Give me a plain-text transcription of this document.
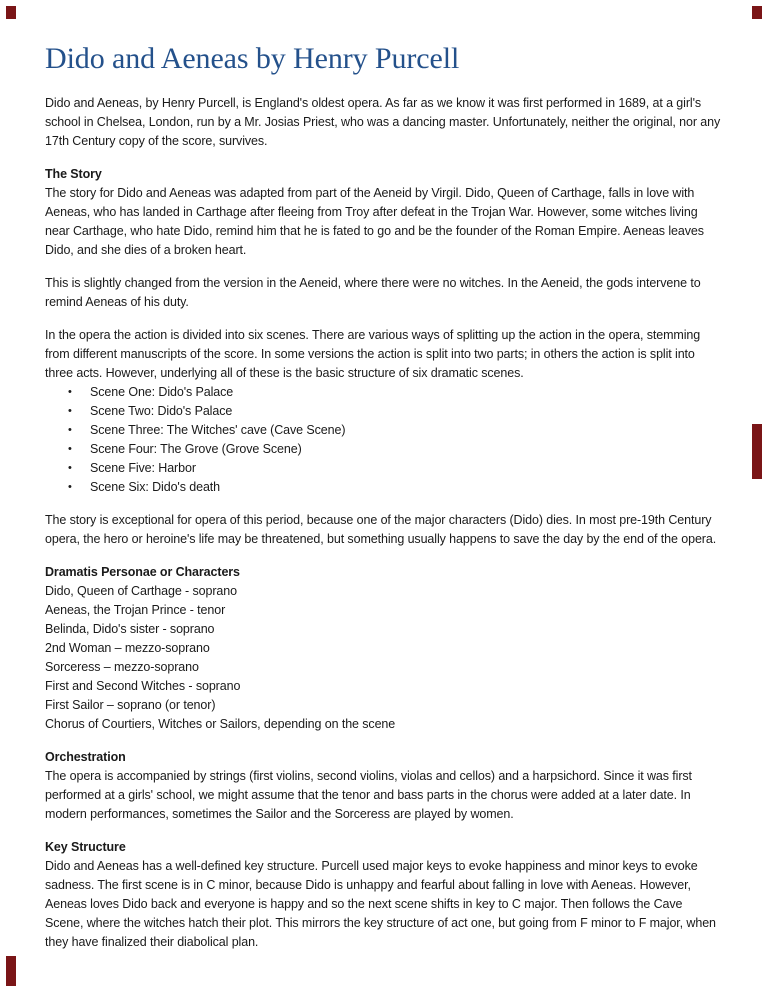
Dido and Aeneas by Henry Purcell

Dido and Aeneas, by Henry Purcell, is England's oldest opera. As far as we know it was first performed in 1689, at a girl's school in Chelsea, London, run by a Mr. Josias Priest, who was a dancing master. Unfortunately, neither the original, nor any 17th Century copy of the score, survives.

The Story

The story for Dido and Aeneas was adapted from part of the Aeneid by Virgil. Dido, Queen of Carthage, falls in love with Aeneas, who has landed in Carthage after fleeing from Troy after defeat in the Trojan War. However, some witches living near Carthage, who hate Dido, remind him that he is fated to go and be the founder of the Roman Empire. Aeneas leaves Dido, and she dies of a broken heart.

This is slightly changed from the version in the Aeneid, where there were no witches. In the Aeneid, the gods intervene to remind Aeneas of his duty.

In the opera the action is divided into six scenes. There are various ways of splitting up the action in the opera, stemming from different manuscripts of the score. In some versions the action is split into two parts; in others the action is split into three acts. However, underlying all of these is the basic structure of six dramatic scenes.

•	Scene One: Dido's Palace
•	Scene Two: Dido's Palace
•	Scene Three: The Witches' cave (Cave Scene)
•	Scene Four: The Grove (Grove Scene)
•	Scene Five: Harbor
•	Scene Six: Dido's death

The story is exceptional for opera of this period, because one of the major characters (Dido) dies. In most pre-19th Century opera, the hero or heroine's life may be threatened, but something usually happens to save the day by the end of the opera.

Dramatis Personae or Characters
Dido, Queen of Carthage - soprano
Aeneas, the Trojan Prince - tenor
Belinda, Dido's sister - soprano
2nd Woman – mezzo-soprano
Sorceress – mezzo-soprano
First and Second Witches - soprano
First Sailor – soprano (or tenor)
Chorus of Courtiers, Witches or Sailors, depending on the scene
Orchestration

The opera is accompanied by strings (first violins, second violins, violas and cellos) and a harpsichord. Since it was first performed at a girls' school, we might assume that the tenor and bass parts in the chorus were added at a later date. In modern performances, sometimes the Sailor and the Sorceress are played by women.

Key Structure

Dido and Aeneas has a well-defined key structure. Purcell used major keys to evoke happiness and minor keys to evoke sadness. The first scene is in C minor, because Dido is unhappy and fearful about falling in love with Aeneas. However, Aeneas loves Dido back and everyone is happy and so the next scene shifts in key to C major. Then follows the Cave Scene, where the witches hatch their plot. This mirrors the key structure of act one, but going from F minor to F major, when they have finalized their diabolical plan.
